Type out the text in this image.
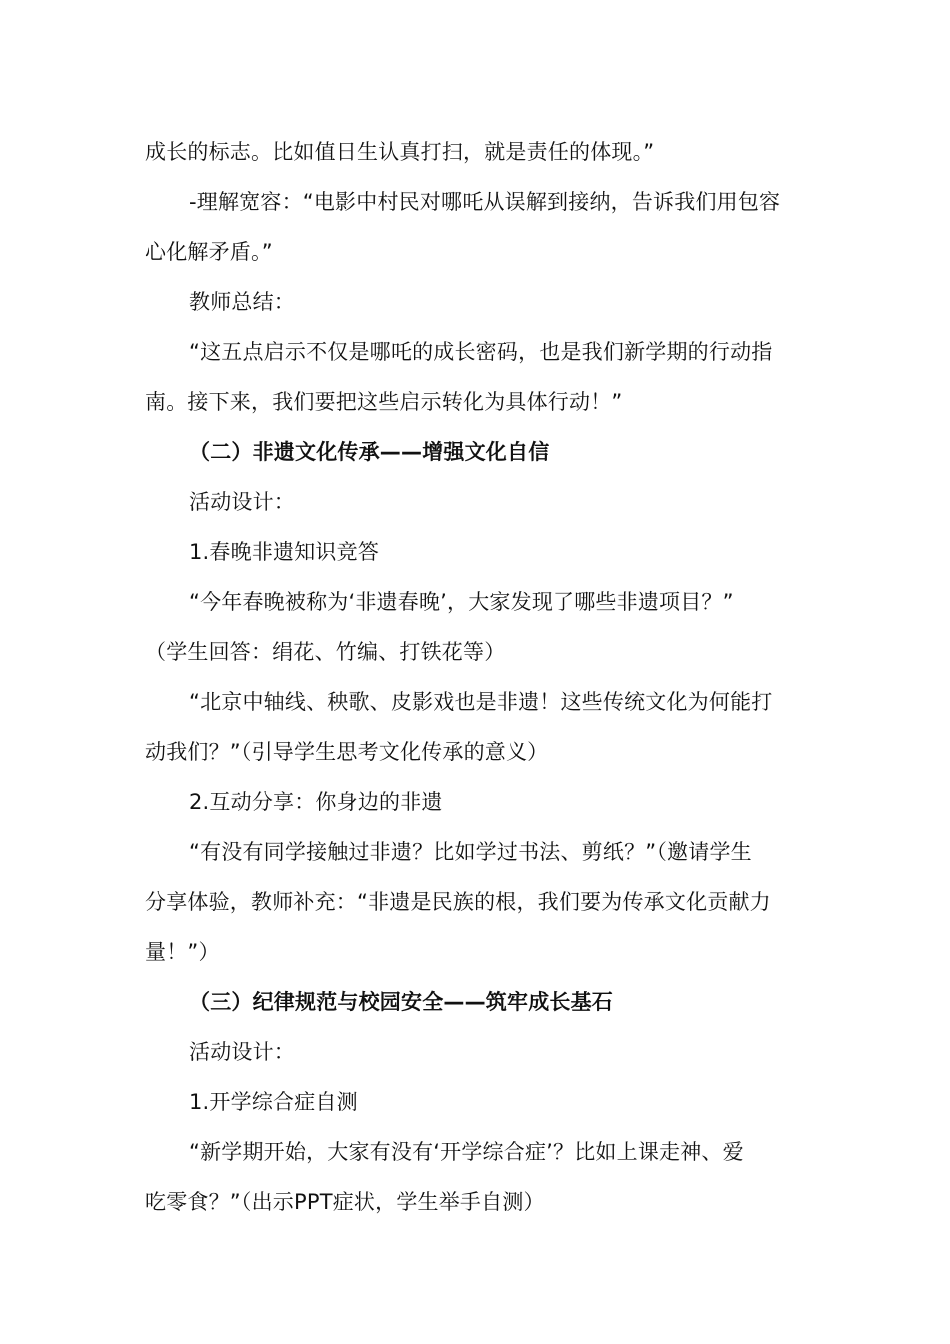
成长的标志。比如值日生认真打扫，就是责任的体现。”
-理解宽容：“电影中村民对哪吒从误解到接纳，告诉我们用包容
心化解矛盾。”
教师总结：
“这五点启示不仅是哪吒的成长密码，也是我们新学期的行动指
南。接下来，我们要把这些启示转化为具体行动！”
（二）非遗文化传承——增强文化自信
活动设计：
1.春晚非遗知识竞答
“今年春晚被称为‘非遗春晚’，大家发现了哪些非遗项目？”
（学生回答：绢花、竹编、打铁花等）
“北京中轴线、秧歌、皮影戏也是非遗！这些传统文化为何能打
动我们？”（引导学生思考文化传承的意义）
2.互动分享：你身边的非遗
“有没有同学接触过非遗？比如学过书法、剪纸？”（邀请学生
分享体验，教师补充：“非遗是民族的根，我们要为传承文化贡献力
量！”）
（三）纪律规范与校园安全——筑牢成长基石
活动设计：
1.开学综合症自测
“新学期开始，大家有没有‘开学综合症’？比如上课走神、爱
吃零食？”（出示PPT症状，学生举手自测）
